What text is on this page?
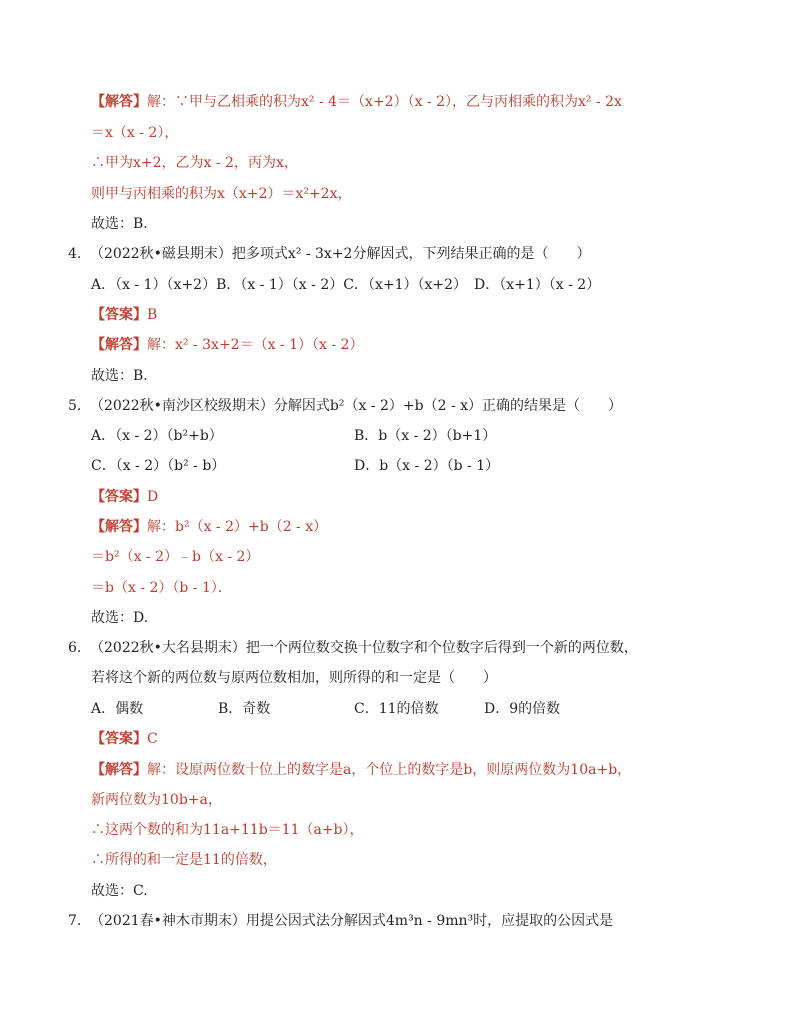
【解答】解：∵甲与乙相乘的积为x² - 4＝（x+2）（x - 2），乙与丙相乘的积为x² - 2x
＝x（x - 2），
∴甲为x+2，乙为x - 2，丙为x，
则甲与丙相乘的积为x（x+2）＝x²+2x，
故选：B.
4. （2022秋•磁县期末）把多项式x² - 3x+2分解因式，下列结果正确的是（　　）
A．（x - 1）（x+2）B．（x - 1）（x - 2）C．（x+1）（x+2）　D．（x+1）（x - 2）
【答案】B
【解答】解：x² - 3x+2＝（x - 1）（x - 2）
故选：B.
5. （2022秋•南沙区校级期末）分解因式b²（x - 2）+b（2 - x）正确的结果是（　　）
A．（x - 2）（b²+b）	B．b（x - 2）（b+1）
C．（x - 2）（b² - b）	D．b（x - 2）（b - 1）
【答案】D
【解答】解：b²（x - 2）+b（2 - x）
＝b²（x - 2）﹣b（x - 2）
＝b（x - 2）（b - 1）．
故选：D.
6. （2022秋•大名县期末）把一个两位数交换十位数字和个位数字后得到一个新的两位数，
若将这个新的两位数与原两位数相加，则所得的和一定是（　　）
A．偶数	B．奇数	C．11的倍数	D．9的倍数
【答案】C
【解答】解：设原两位数十位上的数字是a，个位上的数字是b，则原两位数为10a+b，
新两位数为10b+a，
∴这两个数的和为11a+11b＝11（a+b），
∴所得的和一定是11的倍数，
故选：C.
7. （2021春•神木市期末）用提公因式法分解因式4m³n - 9mn³时，应提取的公因式是
